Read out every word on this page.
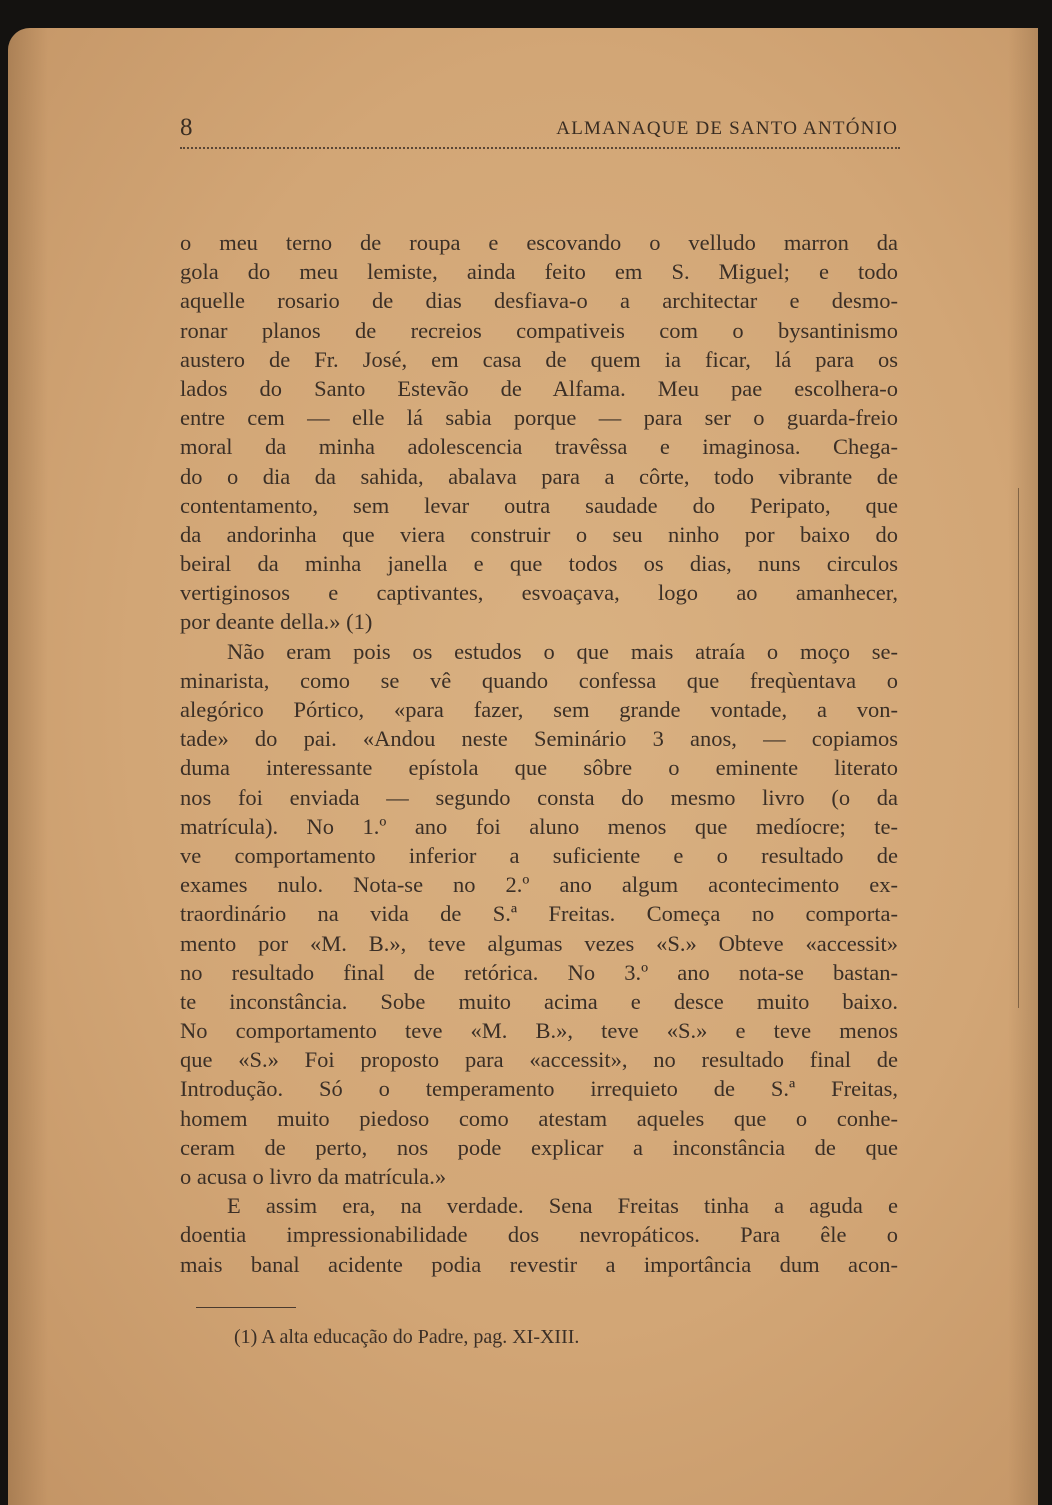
8	ALMANAQUE DE SANTO ANTÓNIO
o meu terno de roupa e escovando o velludo marron da
gola do meu lemiste, ainda feito em S. Miguel; e todo
aquelle rosario de dias desfiava-o a architectar e desmo-
ronar planos de recreios compativeis com o bysantinismo
austero de Fr. José, em casa de quem ia ficar, lá para os
lados do Santo Estevão de Alfama. Meu pae escolhera-o
entre cem — elle lá sabia porque — para ser o guarda-freio
moral da minha adolescencia travêssa e imaginosa. Chega-
do o dia da sahida, abalava para a côrte, todo vibrante de
contentamento, sem levar outra saudade do Peripato, que
da andorinha que viera construir o seu ninho por baixo do
beiral da minha janella e que todos os dias, nuns circulos
vertiginosos e captivantes, esvoaçava, logo ao amanhecer,
por deante della.» (1)
Não eram pois os estudos o que mais atraía o moço se-
minarista, como se vê quando confessa que freqùentava o
alegórico Pórtico, «para fazer, sem grande vontade, a von-
tade» do pai. «Andou neste Seminário 3 anos, — copiamos
duma interessante epístola que sôbre o eminente literato
nos foi enviada — segundo consta do mesmo livro (o da
matrícula). No 1.º ano foi aluno menos que medíocre; te-
ve comportamento inferior a suficiente e o resultado de
exames nulo. Nota-se no 2.º ano algum acontecimento ex-
traordinário na vida de S.ª Freitas. Começa no comporta-
mento por «M. B.», teve algumas vezes «S.» Obteve «accessit»
no resultado final de retórica. No 3.º ano nota-se bastan-
te inconstância. Sobe muito acima e desce muito baixo.
No comportamento teve «M. B.», teve «S.» e teve menos
que «S.» Foi proposto para «accessit», no resultado final de
Introdução. Só o temperamento irrequieto de S.ª Freitas,
homem muito piedoso como atestam aqueles que o conhe-
ceram de perto, nos pode explicar a inconstância de que
o acusa o livro da matrícula.»
E assim era, na verdade. Sena Freitas tinha a aguda e
doentia impressionabilidade dos nevropáticos. Para êle o
mais banal acidente podia revestir a importância dum acon-
(1) A alta educação do Padre, pag. XI-XIII.
